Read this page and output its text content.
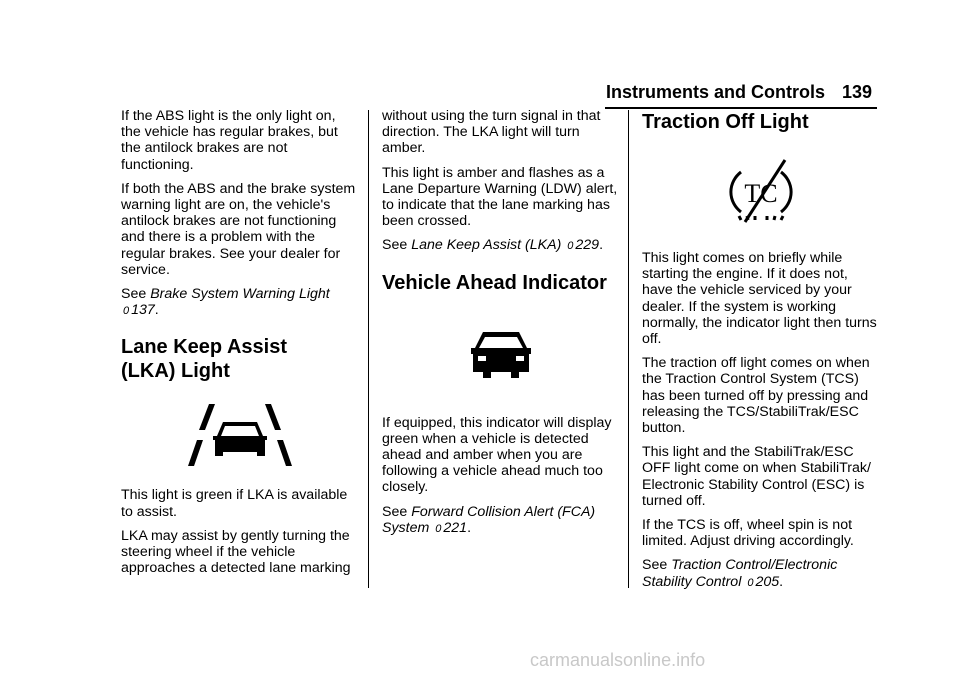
Instruments and Controls 139

If the ABS light is the only light on, the vehicle has regular brakes, but the antilock brakes are not functioning.

If both the ABS and the brake system warning light are on, the vehicle's antilock brakes are not functioning and there is a problem with the regular brakes. See your dealer for service.

See Brake System Warning Light
0 137.

Lane Keep Assist (LKA) Light

This light is green if LKA is available to assist.

LKA may assist by gently turning the steering wheel if the vehicle approaches a detected lane marking

without using the turn signal in that direction. The LKA light will turn amber.

This light is amber and flashes as a Lane Departure Warning (LDW) alert, to indicate that the lane marking has been crossed.

See Lane Keep Assist (LKA) 0 229.

Vehicle Ahead Indicator

If equipped, this indicator will display green when a vehicle is detected ahead and amber when you are following a vehicle ahead much too closely.

See Forward Collision Alert (FCA) System 0 221.

Traction Off Light
TC

This light comes on briefly while starting the engine. If it does not, have the vehicle serviced by your dealer. If the system is working normally, the indicator light then turns off.

The traction off light comes on when the Traction Control System (TCS) has been turned off by pressing and releasing the TCS/StabiliTrak/ESC button.

This light and the StabiliTrak/ESC OFF light come on when StabiliTrak/ Electronic Stability Control (ESC) is turned off.

If the TCS is off, wheel spin is not limited. Adjust driving accordingly.

See Traction Control/Electronic Stability Control 0 205.

carmanualsonline.info
